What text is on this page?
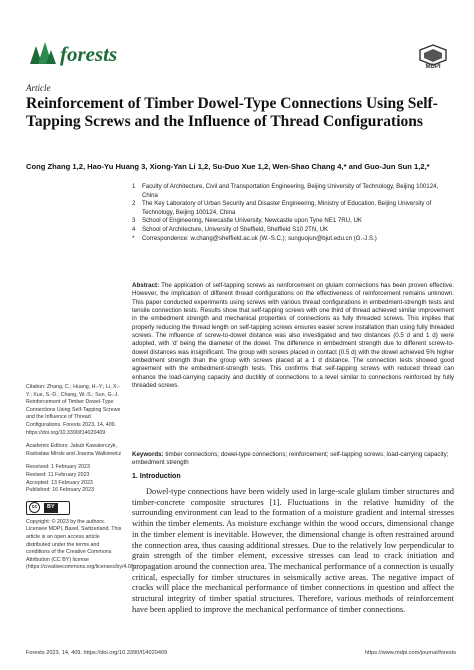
forests
MDPI
Article
Reinforcement of Timber Dowel-Type Connections Using Self-Tapping Screws and the Influence of Thread Configurations
Cong Zhang 1,2, Hao-Yu Huang 3, Xiong-Yan Li 1,2, Su-Duo Xue 1,2, Wen-Shao Chang 4,* and Guo-Jun Sun 1,2,*
1	Faculty of Architecture, Civil and Transportation Engineering, Beijing University of Technology, Beijing 100124, China
2	The Key Laboratory of Urban Security and Disaster Engineering, Ministry of Education, Beijing University of Technology, Beijing 100124, China
3	School of Engineering, Newcastle University, Newcastle upon Tyne NE1 7RU, UK
4	School of Architecture, University of Sheffield, Sheffield S10 2TN, UK
*	Correspondence: w.chang@sheffield.ac.uk (W.-S.C.); sunguojun@bjut.edu.cn (G.-J.S.)
Abstract: The application of self-tapping screws as reinforcement on glulam connections has been proven effective. However, the implication of different thread configurations on the effectiveness of reinforcement remains unknown. This paper conducted experiments using screws with various thread configurations in embedment-strength tests and tensile connection tests. Results show that self-tapping screws with one third of thread achieved similar improvement in the embedment strength and mechanical properties of connections as fully threaded screws. This implies that properly reducing the thread length on self-tapping screws ensures easier screw installation than using fully threaded screws. The influence of screw-to-dowel distance was also investigated and two distances (0.5 d and 1 d) were adopted, with 'd' being the diameter of the dowel. The difference in embedment strength due to different screw-to-dowel distances was insignificant. The group with screws placed in contact (0.5 d) with the dowel achieved 5% higher embedment strength than the group with screws placed at a 1 d distance. The connection tests showed good agreement with the embedment-strength tests. This confirms that self-tapping screws with reduced thread can enhance the load-carrying capacity and ductility of connections to a level similar to connections reinforced by fully threaded screws.
Keywords: timber connections; dowel-type connections; reinforcement; self-tapping screws; load-carrying capacity; embedment strength
Citation: Zhang, C.; Huang, H.-Y.; Li, X.-Y.; Xue, S.-D.; Chang, W.-S.; Sun, G.-J. Reinforcement of Timber Dowel-Type Connections Using Self-Tapping Screws and the Influence of Thread Configurations. Forests 2023, 14, 409. https://doi.org/10.3390/f14020409
Academic Editors: Jakub Kawalerczyk, Radosław Mirski and Joanna Walkiewicz
Received: 1 February 2023
Revised: 11 February 2023
Accepted: 13 February 2023
Published: 16 February 2023
cc	BY
Copyright: © 2023 by the authors. Licensee MDPI, Basel, Switzerland. This article is an open access article distributed under the terms and conditions of the Creative Commons Attribution (CC BY) license (https://creativecommons.org/licenses/by/4.0/).
1. Introduction
Dowel-type connections have been widely used in large-scale glulam timber structures and timber-concrete composite structures [1]. Fluctuations in the relative humidity of the surrounding environment can lead to the formation of a moisture gradient and internal stresses within the timber elements. As moisture exchange within the wood occurs, dimensional change in the timber element is inevitable. However, the dimensional change is often restrained around the connection area, thus causing additional stresses. Due to the relatively low perpendicular to grain strength of the timber element, excessive stresses can lead to crack initiation and propagation around the connection area. The mechanical performance of a connection is usually critical, especially for timber structures in seismically active areas. The negative impact of cracks will place the mechanical performance of timber connections in question and affect the structural integrity of timber spatial structures. Therefore, various methods of reinforcement have been applied to improve the mechanical performance of timber connections.
Forests 2023, 14, 409. https://doi.org/10.3390/f14020409	https://www.mdpi.com/journal/forests
